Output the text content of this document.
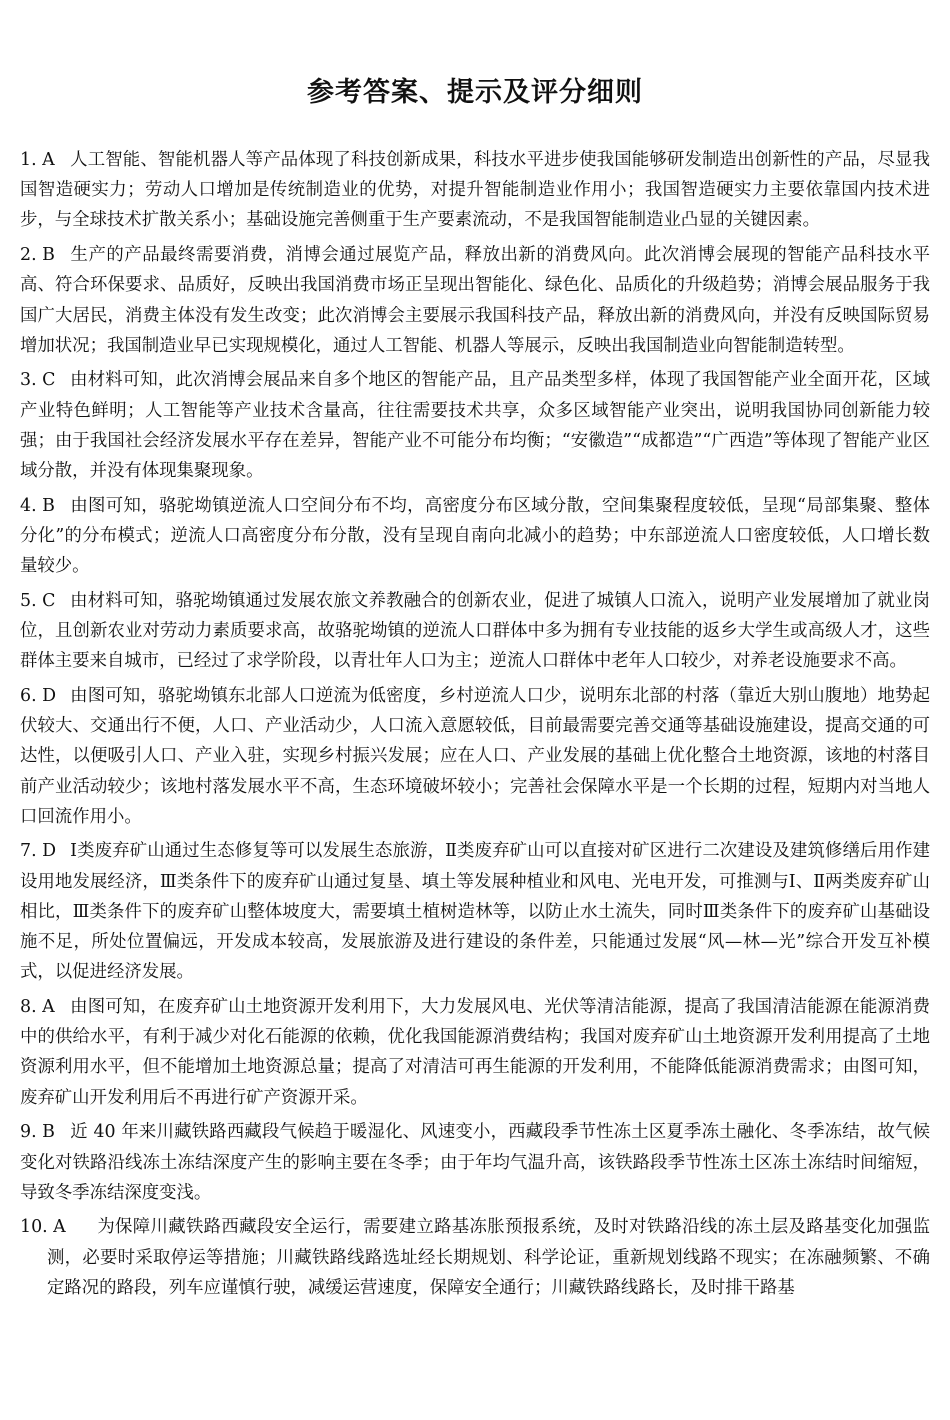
参考答案、提示及评分细则

1. A 人工智能、智能机器人等产品体现了科技创新成果，科技水平进步使我国能够研发制造出创新性的产品，尽显我国智造硬实力；劳动人口增加是传统制造业的优势，对提升智能制造业作用小；我国智造硬实力主要依靠国内技术进步，与全球技术扩散关系小；基础设施完善侧重于生产要素流动，不是我国智能制造业凸显的关键因素。

2. B 生产的产品最终需要消费，消博会通过展览产品，释放出新的消费风向。此次消博会展现的智能产品科技水平高、符合环保要求、品质好，反映出我国消费市场正呈现出智能化、绿色化、品质化的升级趋势；消博会展品服务于我国广大居民，消费主体没有发生改变；此次消博会主要展示我国科技产品，释放出新的消费风向，并没有反映国际贸易增加状况；我国制造业早已实现规模化，通过人工智能、机器人等展示，反映出我国制造业向智能制造转型。

3. C 由材料可知，此次消博会展品来自多个地区的智能产品，且产品类型多样，体现了我国智能产业全面开花，区域产业特色鲜明；人工智能等产业技术含量高，往往需要技术共享，众多区域智能产业突出，说明我国协同创新能力较强；由于我国社会经济发展水平存在差异，智能产业不可能分布均衡；“安徽造”“成都造”“广西造”等体现了智能产业区域分散，并没有体现集聚现象。

4. B 由图可知，骆驼坳镇逆流人口空间分布不均，高密度分布区域分散，空间集聚程度较低，呈现“局部集聚、整体分化”的分布模式；逆流人口高密度分布分散，没有呈现自南向北减小的趋势；中东部逆流人口密度较低，人口增长数量较少。

5. C 由材料可知，骆驼坳镇通过发展农旅文养教融合的创新农业，促进了城镇人口流入，说明产业发展增加了就业岗位，且创新农业对劳动力素质要求高，故骆驼坳镇的逆流人口群体中多为拥有专业技能的返乡大学生或高级人才，这些群体主要来自城市，已经过了求学阶段，以青壮年人口为主；逆流人口群体中老年人口较少，对养老设施要求不高。

6. D 由图可知，骆驼坳镇东北部人口逆流为低密度，乡村逆流人口少，说明东北部的村落（靠近大别山腹地）地势起伏较大、交通出行不便，人口、产业活动少，人口流入意愿较低，目前最需要完善交通等基础设施建设，提高交通的可达性，以便吸引人口、产业入驻，实现乡村振兴发展；应在人口、产业发展的基础上优化整合土地资源，该地的村落目前产业活动较少；该地村落发展水平不高，生态环境破坏较小；完善社会保障水平是一个长期的过程，短期内对当地人口回流作用小。

7. D Ⅰ类废弃矿山通过生态修复等可以发展生态旅游，Ⅱ类废弃矿山可以直接对矿区进行二次建设及建筑修缮后用作建设用地发展经济，Ⅲ类条件下的废弃矿山通过复垦、填土等发展种植业和风电、光电开发，可推测与Ⅰ、Ⅱ两类废弃矿山相比，Ⅲ类条件下的废弃矿山整体坡度大，需要填土植树造林等，以防止水土流失，同时Ⅲ类条件下的废弃矿山基础设施不足，所处位置偏远，开发成本较高，发展旅游及进行建设的条件差，只能通过发展“风—林—光”综合开发互补模式，以促进经济发展。

8. A 由图可知，在废弃矿山土地资源开发利用下，大力发展风电、光伏等清洁能源，提高了我国清洁能源在能源消费中的供给水平，有利于减少对化石能源的依赖，优化我国能源消费结构；我国对废弃矿山土地资源开发利用提高了土地资源利用水平，但不能增加土地资源总量；提高了对清洁可再生能源的开发利用，不能降低能源消费需求；由图可知，废弃矿山开发利用后不再进行矿产资源开采。

9. B 近 40 年来川藏铁路西藏段气候趋于暖湿化、风速变小，西藏段季节性冻土区夏季冻土融化、冬季冻结，故气候变化对铁路沿线冻土冻结深度产生的影响主要在冬季；由于年均气温升高，该铁路段季节性冻土区冻土冻结时间缩短，导致冬季冻结深度变浅。

10. A 为保障川藏铁路西藏段安全运行，需要建立路基冻胀预报系统，及时对铁路沿线的冻土层及路基变化加强监测，必要时采取停运等措施；川藏铁路线路选址经长期规划、科学论证，重新规划线路不现实；在冻融频繁、不确定路况的路段，列车应谨慎行驶，减缓运营速度，保障安全通行；川藏铁路线路长，及时排干路基
